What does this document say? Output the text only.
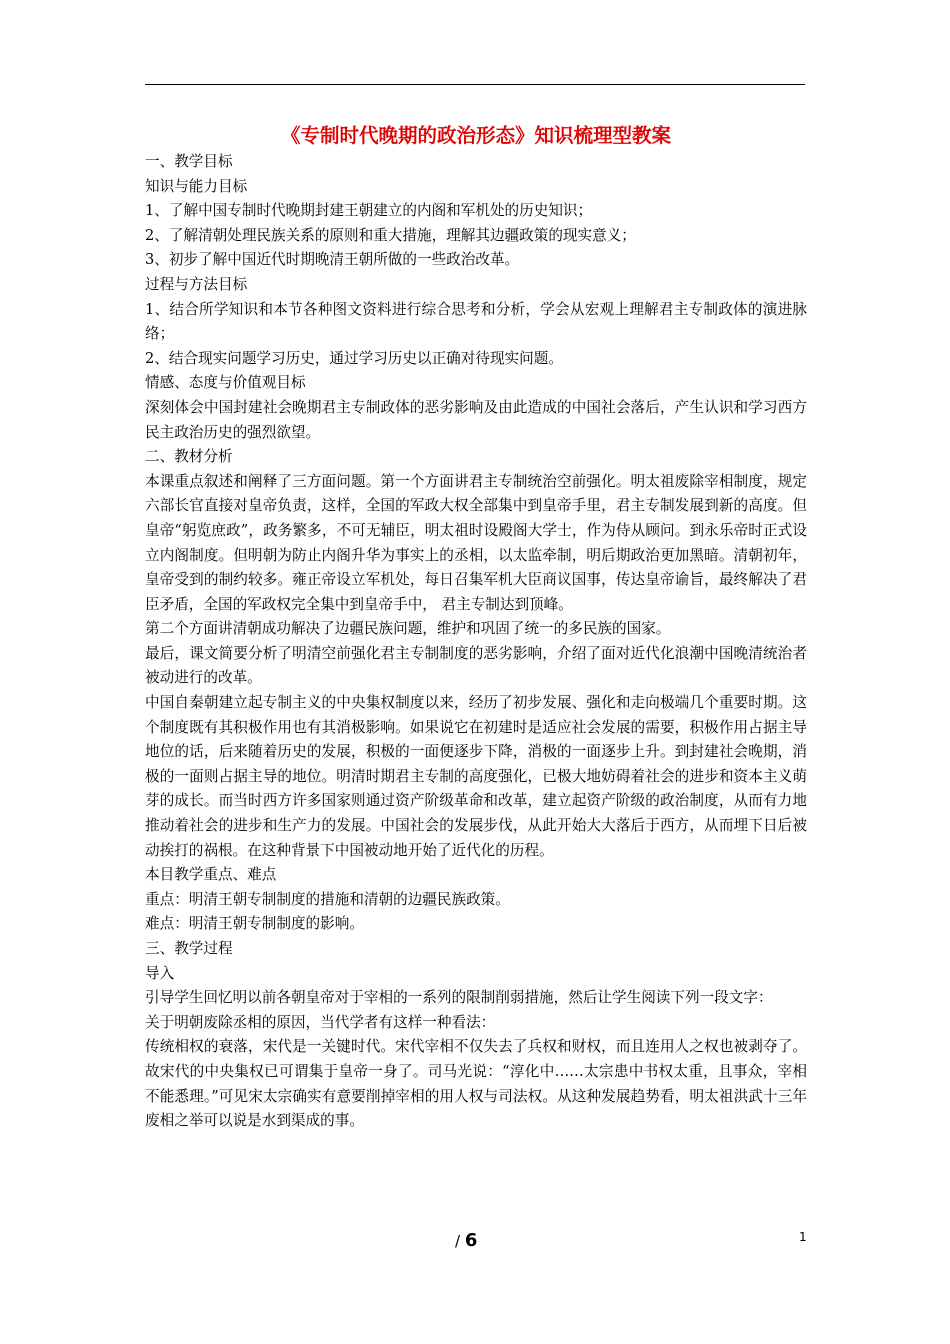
《专制时代晚期的政治形态》知识梳理型教案

一、教学目标

知识与能力目标

1、了解中国专制时代晚期封建王朝建立的内阁和军机处的历史知识；

2、了解清朝处理民族关系的原则和重大措施，理解其边疆政策的现实意义；

3、初步了解中国近代时期晚清王朝所做的一些政治改革。

过程与方法目标

1、结合所学知识和本节各种图文资料进行综合思考和分析，学会从宏观上理解君主专制政体的演进脉络；

2、结合现实问题学习历史，通过学习历史以正确对待现实问题。

情感、态度与价值观目标

深刻体会中国封建社会晚期君主专制政体的恶劣影响及由此造成的中国社会落后，产生认识和学习西方民主政治历史的强烈欲望。

二、教材分析

本课重点叙述和阐释了三方面问题。第一个方面讲君主专制统治空前强化。明太祖废除宰相制度，规定六部长官直接对皇帝负责，这样，全国的军政大权全部集中到皇帝手里，君主专制发展到新的高度。但皇帝“躬览庶政”，政务繁多，不可无辅臣，明太祖时设殿阁大学士，作为侍从顾问。到永乐帝时正式设立内阁制度。但明朝为防止内阁升华为事实上的丞相，以太监牵制，明后期政治更加黑暗。清朝初年，皇帝受到的制约较多。雍正帝设立军机处，每日召集军机大臣商议国事，传达皇帝谕旨，最终解决了君臣矛盾，全国的军政权完全集中到皇帝手中， 君主专制达到顶峰。

第二个方面讲清朝成功解决了边疆民族问题，维护和巩固了统一的多民族的国家。

最后，课文简要分析了明清空前强化君主专制制度的恶劣影响，介绍了面对近代化浪潮中国晚清统治者被动进行的改革。

中国自秦朝建立起专制主义的中央集权制度以来，经历了初步发展、强化和走向极端几个重要时期。这个制度既有其积极作用也有其消极影响。如果说它在初建时是适应社会发展的需要，积极作用占据主导地位的话，后来随着历史的发展，积极的一面便逐步下降，消极的一面逐步上升。到封建社会晚期，消极的一面则占据主导的地位。明清时期君主专制的高度强化，已极大地妨碍着社会的进步和资本主义萌芽的成长。而当时西方许多国家则通过资产阶级革命和改革，建立起资产阶级的政治制度，从而有力地推动着社会的进步和生产力的发展。中国社会的发展步伐，从此开始大大落后于西方，从而埋下日后被动挨打的祸根。在这种背景下中国被动地开始了近代化的历程。

本目教学重点、难点

重点：明清王朝专制制度的措施和清朝的边疆民族政策。

难点：明清王朝专制制度的影响。

三、教学过程

导入

引导学生回忆明以前各朝皇帝对于宰相的一系列的限制削弱措施，然后让学生阅读下列一段文字：

关于明朝废除丞相的原因，当代学者有这样一种看法：

传统相权的衰落，宋代是一关键时代。宋代宰相不仅失去了兵权和财权，而且连用人之权也被剥夺了。故宋代的中央集权已可谓集于皇帝一身了。司马光说：“淳化中……太宗患中书权太重，且事众，宰相不能悉理。”可见宋太宗确实有意要削掉宰相的用人权与司法权。从这种发展趋势看，明太祖洪武十三年废相之举可以说是水到渠成的事。

/ 6	1
